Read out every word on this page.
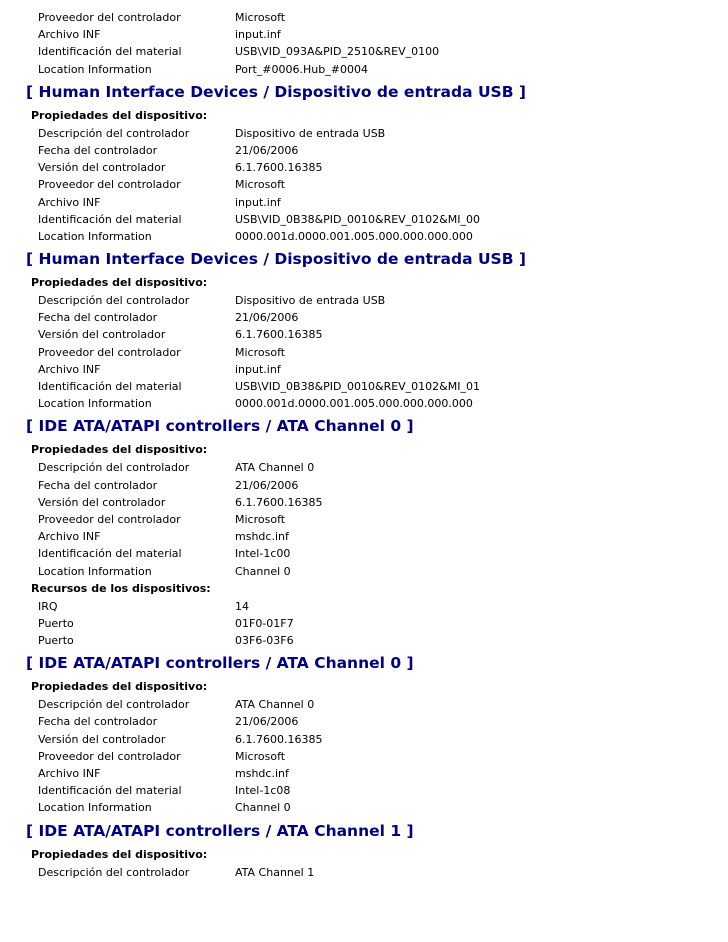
Proveedor del controlador	Microsoft
Archivo INF	input.inf
Identificación del material	USB\VID_093A&PID_2510&REV_0100
Location Information	Port_#0006.Hub_#0004
[ Human Interface Devices / Dispositivo de entrada USB ]
Propiedades del dispositivo:
Descripción del controlador	Dispositivo de entrada USB
Fecha del controlador	21/06/2006
Versión del controlador	6.1.7600.16385
Proveedor del controlador	Microsoft
Archivo INF	input.inf
Identificación del material	USB\VID_0B38&PID_0010&REV_0102&MI_00
Location Information	0000.001d.0000.001.005.000.000.000.000
[ Human Interface Devices / Dispositivo de entrada USB ]
Propiedades del dispositivo:
Descripción del controlador	Dispositivo de entrada USB
Fecha del controlador	21/06/2006
Versión del controlador	6.1.7600.16385
Proveedor del controlador	Microsoft
Archivo INF	input.inf
Identificación del material	USB\VID_0B38&PID_0010&REV_0102&MI_01
Location Information	0000.001d.0000.001.005.000.000.000.000
[ IDE ATA/ATAPI controllers / ATA Channel 0 ]
Propiedades del dispositivo:
Descripción del controlador	ATA Channel 0
Fecha del controlador	21/06/2006
Versión del controlador	6.1.7600.16385
Proveedor del controlador	Microsoft
Archivo INF	mshdc.inf
Identificación del material	Intel-1c00
Location Information	Channel 0
Recursos de los dispositivos:
IRQ	14
Puerto	01F0-01F7
Puerto	03F6-03F6
[ IDE ATA/ATAPI controllers / ATA Channel 0 ]
Propiedades del dispositivo:
Descripción del controlador	ATA Channel 0
Fecha del controlador	21/06/2006
Versión del controlador	6.1.7600.16385
Proveedor del controlador	Microsoft
Archivo INF	mshdc.inf
Identificación del material	Intel-1c08
Location Information	Channel 0
[ IDE ATA/ATAPI controllers / ATA Channel 1 ]
Propiedades del dispositivo:
Descripción del controlador	ATA Channel 1
